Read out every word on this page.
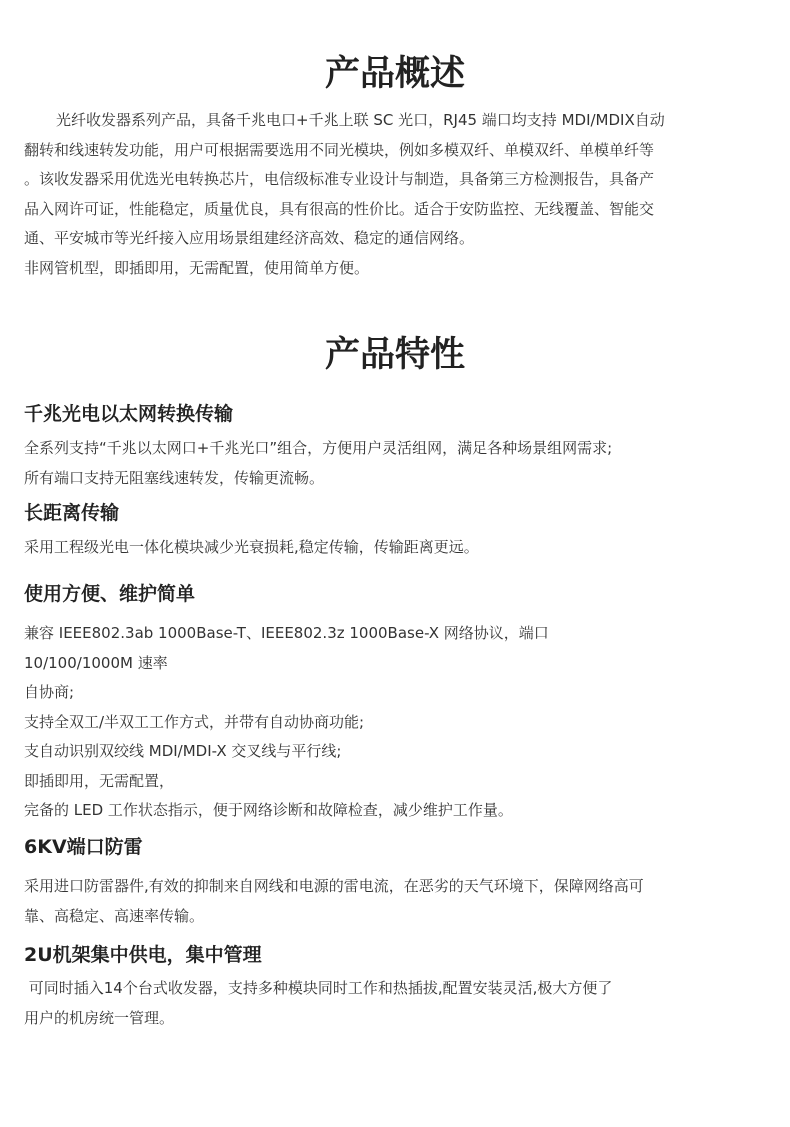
产品概述
光纤收发器系列产品，具备千兆电口+千兆上联 SC 光口，RJ45 端口均支持 MDI/MDIX自动
翻转和线速转发功能，用户可根据需要选用不同光模块，例如多模双纤、单模双纤、单模单纤等
。该收发器采用优选光电转换芯片，电信级标准专业设计与制造，具备第三方检测报告，具备产
品入网许可证，性能稳定，质量优良，具有很高的性价比。适合于安防监控、无线覆盖、智能交
通、平安城市等光纤接入应用场景组建经济高效、稳定的通信网络。
非网管机型，即插即用，无需配置，使用简单方便。
产品特性
千兆光电以太网转换传输
全系列支持“千兆以太网口+千兆光口”组合，方便用户灵活组网，满足各种场景组网需求;
所有端口支持无阻塞线速转发，传输更流畅。
长距离传输
采用工程级光电一体化模块减少光衰损耗,稳定传输，传输距离更远。
使用方便、维护简单
兼容 IEEE802.3ab 1000Base-T、IEEE802.3z 1000Base-X 网络协议，端口
10/100/1000M 速率
自协商;
支持全双工/半双工工作方式，并带有自动协商功能;
支自动识别双绞线 MDI/MDI-X 交叉线与平行线;
即插即用，无需配置，
完备的 LED 工作状态指示，便于网络诊断和故障检查，减少维护工作量。
6KV端口防雷
采用进口防雷器件,有效的抑制来自网线和电源的雷电流，在恶劣的天气环境下，保障网络高可
靠、高稳定、高速率传输。
2U机架集中供电，集中管理
可同时插入14个台式收发器，支持多种模块同时工作和热插拔,配置安装灵活,极大方便了
用户的机房统一管理。
